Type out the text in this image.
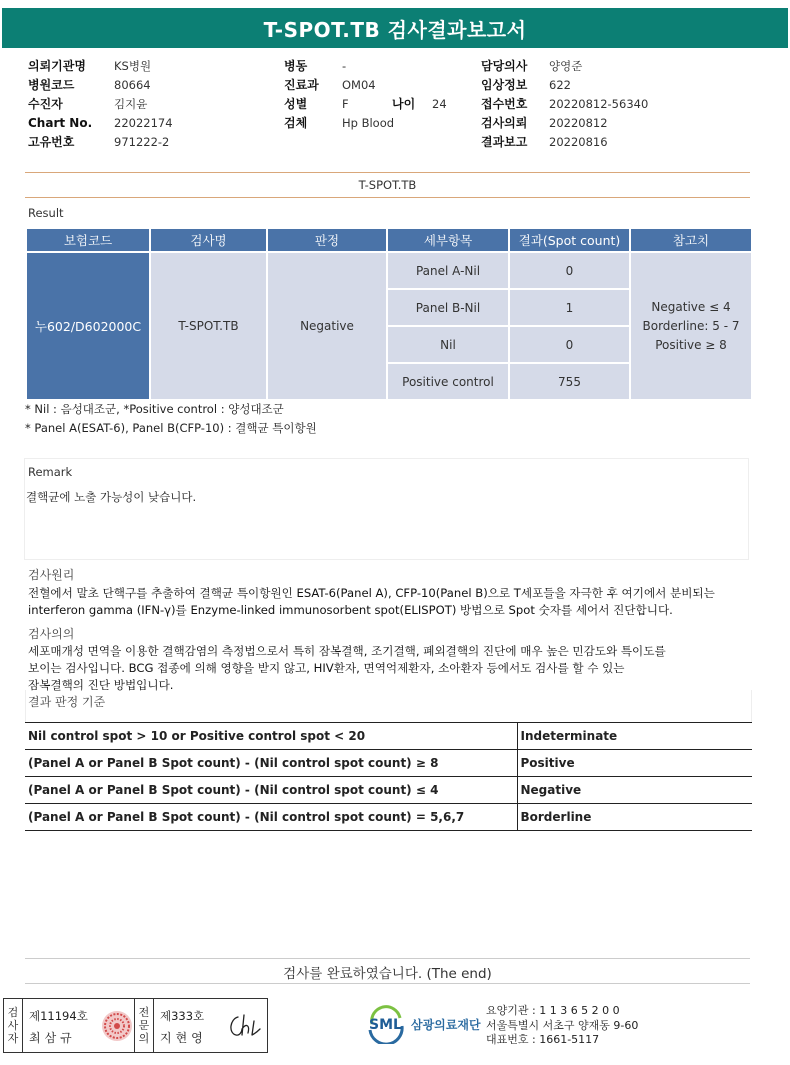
T-SPOT.TB 검사결과보고서
의뢰기관명	KS병원
병원코드	80664
수진자	김지윤
Chart No.	22022174
고유번호	971222-2
병동	-
진료과	OM04
성별	F	나이	24
검체	Hp Blood
담당의사	양영준
임상정보	622
접수번호	20220812-56340
검사의뢰	20220812
결과보고	20220816
T-SPOT.TB
Result
보험코드	검사명	판정	세부항목	결과(Spot count)	참고치
누602/D602000C	T-SPOT.TB	Negative	Panel A-Nil	0	Negative ≤ 4
Borderline: 5 - 7
Positive ≥ 8

			Panel B-Nil	1	
			Nil	0	
			Positive control	755	
* Nil : 음성대조군, *Positive control : 양성대조군
* Panel A(ESAT-6), Panel B(CFP-10) : 결핵균 특이항원
Remark
결핵균에 노출 가능성이 낮습니다.
검사원리
전혈에서 말초 단핵구를 추출하여 결핵균 특이항원인 ESAT-6(Panel A), CFP-10(Panel B)으로 T세포들을 자극한 후 여기에서 분비되는
interferon gamma (IFN-γ)를 Enzyme-linked immunosorbent spot(ELISPOT) 방법으로 Spot 숫자를 세어서 진단합니다.
검사의의
세포매개성 면역을 이용한 결핵감염의 측정법으로서 특히 잠복결핵, 조기결핵, 폐외결핵의 진단에 매우 높은 민감도와 특이도를
보이는 검사입니다. BCG 접종에 의해 영향을 받지 않고, HIV환자, 면역억제환자, 소아환자 등에서도 검사를 할 수 있는
잠복결핵의 진단 방법입니다.
결과 판정 기준
Nil control spot > 10 or Positive control spot < 20	Indeterminate
(Panel A or Panel B Spot count) - (Nil control spot count) ≥ 8	Positive
(Panel A or Panel B Spot count) - (Nil control spot count) ≤ 4	Negative
(Panel A or Panel B Spot count) - (Nil control spot count) = 5,6,7	Borderline
검사를 완료하였습니다. (The end)
검
사
자
제11194호
최삼규
전
문
의
제333호
지현영
SML 삼광의료재단
요양기관 : 1 1 3 6 5 2 0 0
서울특별시 서초구 양재동 9-60
대표번호 : 1661-5117
